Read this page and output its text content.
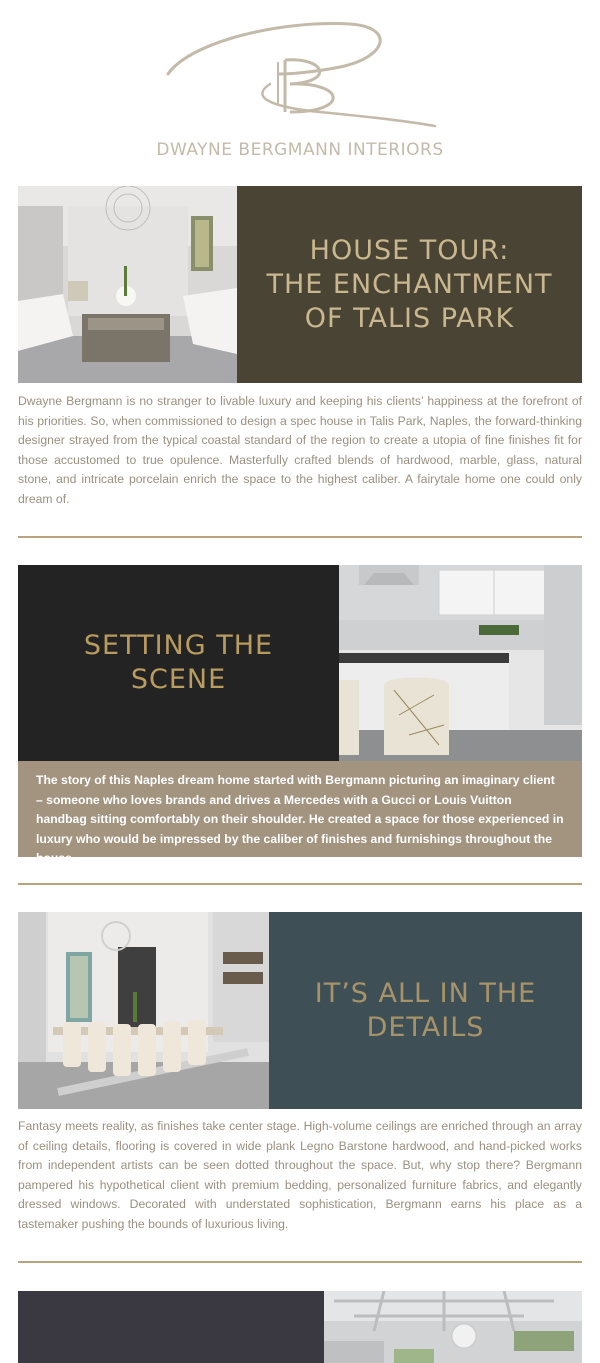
DWAYNE BERGMANN INTERIORS
HOUSE TOUR:
THE ENCHANTMENT
OF TALIS PARK
Dwayne Bergmann is no stranger to livable luxury and keeping his clients’ happiness at the forefront of his priorities. So, when commissioned to design a spec house in Talis Park, Naples, the forward-thinking designer strayed from the typical coastal standard of the region to create a utopia of fine finishes fit for those accustomed to true opulence. Masterfully crafted blends of hardwood, marble, glass, natural stone, and intricate porcelain enrich the space to the highest caliber. A fairytale home one could only dream of.
SETTING THE
SCENE
The story of this Naples dream home started with Bergmann picturing an imaginary client – someone who loves brands and drives a Mercedes with a Gucci or Louis Vuitton handbag sitting comfortably on their shoulder. He created a space for those experienced in luxury who would be impressed by the caliber of finishes and furnishings throughout the house.
IT’S ALL IN THE
DETAILS
Fantasy meets reality, as finishes take center stage. High-volume ceilings are enriched through an array of ceiling details, flooring is covered in wide plank Legno Barstone hardwood, and hand-picked works from independent artists can be seen dotted throughout the space. But, why stop there? Bergmann pampered his hypothetical client with premium bedding, personalized furniture fabrics, and elegantly dressed windows. Decorated with understated sophistication, Bergmann earns his place as a tastemaker pushing the bounds of luxurious living.
